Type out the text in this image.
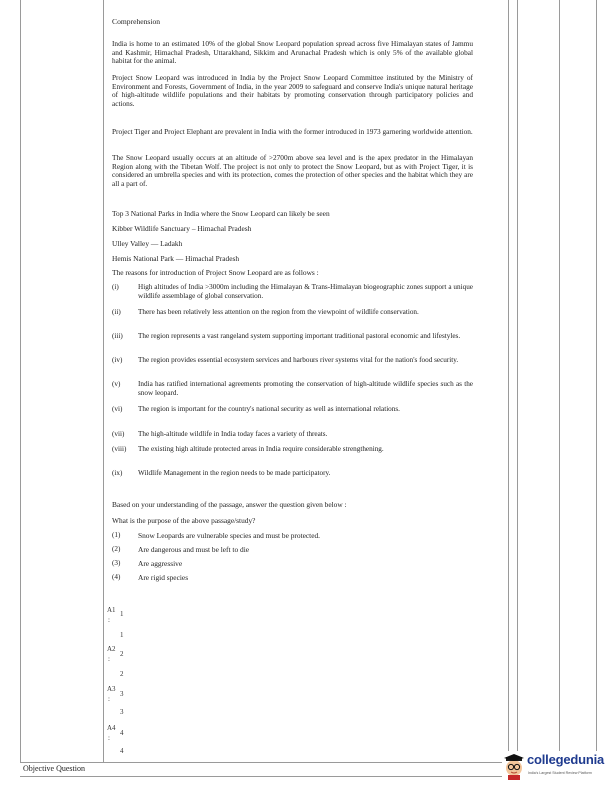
Comprehension
India is home to an estimated 10% of the global Snow Leopard population spread across five Himalayan states of Jammu and Kashmir, Himachal Pradesh, Uttarakhand, Sikkim and Arunachal Pradesh which is only 5% of the available global habitat for the animal.
Project Snow Leopard was introduced in India by the Project Snow Leopard Committee instituted by the Ministry of Environment and Forests, Government of India, in the year 2009 to safeguard and conserve India's unique natural heritage of high-altitude wildlife populations and their habitats by promoting conservation through participatory policies and actions.
Project Tiger and Project Elephant are prevalent in India with the former introduced in 1973 garnering worldwide attention.
The Snow Leopard usually occurs at an altitude of >2700m above sea level and is the apex predator in the Himalayan Region along with the Tibetan Wolf. The project is not only to protect the Snow Leopard, but as with Project Tiger, it is considered an umbrella species and with its protection, comes the protection of other species and the habitat which they are all a part of.
Top 3 National Parks in India where the Snow Leopard can likely be seen
Kibber Wildlife Sanctuary – Himachal Pradesh
Ulley Valley — Ladakh
Hemis National Park — Himachal Pradesh
The reasons for introduction of Project Snow Leopard are as follows :
(i)	High altitudes of India >3000m including the Himalayan & Trans-Himalayan biogeographic zones support a unique wildlife assemblage of global conservation.
(ii) There has been relatively less attention on the region from the viewpoint of wildlife conservation.
(iii) The region represents a vast rangeland system supporting important traditional pastoral economic and lifestyles.
(iv) The region provides essential ecosystem services and harbours river systems vital for the nation's food security.
(v) India has ratified international agreements promoting the conservation of high-altitude wildlife species such as the snow leopard.
(vi) The region is important for the country's national security as well as international relations.
(vii) The high-altitude wildlife in India today faces a variety of threats.
(viii) The existing high altitude protected areas in India require considerable strengthening.
(ix) Wildlife Management in the region needs to be made participatory.
Based on your understanding of the passage, answer the question given below :
What is the purpose of the above passage/study?
(1) Snow Leopards are vulnerable species and must be protected.
(2) Are dangerous and must be left to die
(3) Are aggressive
(4) Are rigid species
A1 1
:
1
A2
2
:
2
A3
3
:
3
A4
4
:
4
Objective Question
collegedunia
India's Largest Student Review Platform
